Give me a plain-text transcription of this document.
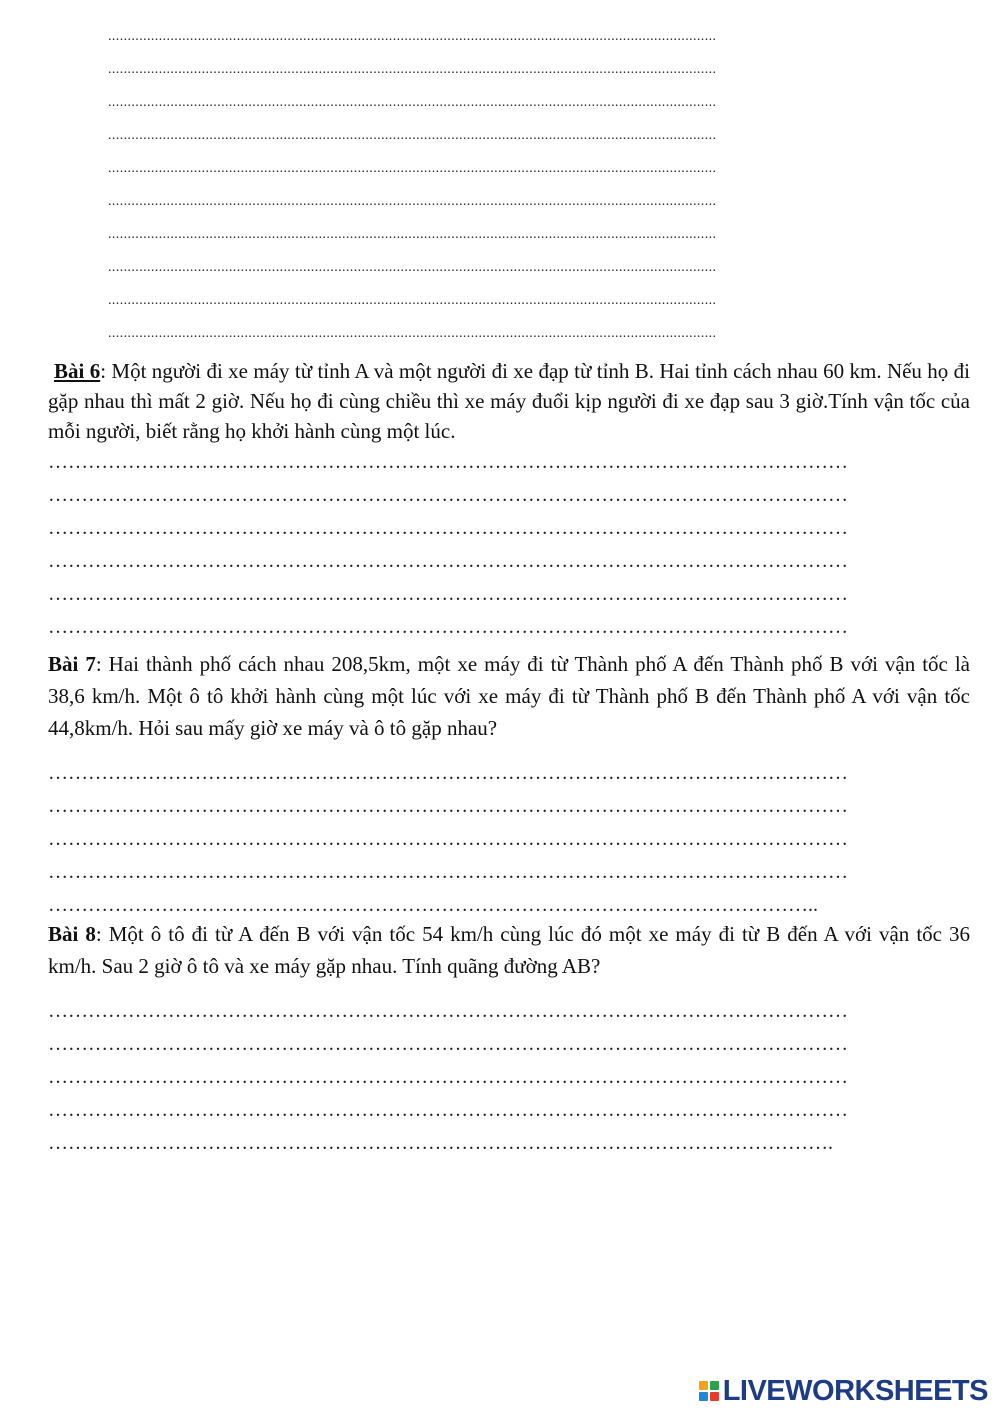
............................................................................................................................................................
............................................................................................................................................................
............................................................................................................................................................
............................................................................................................................................................
............................................................................................................................................................
............................................................................................................................................................
............................................................................................................................................................
............................................................................................................................................................
............................................................................................................................................................
............................................................................................................................................................
Bài 6: Một người đi xe máy từ tỉnh A và một người đi xe đạp từ tỉnh B. Hai tỉnh cách nhau 60 km. Nếu họ đi gặp nhau thì mất 2 giờ. Nếu họ đi cùng chiều thì xe máy đuổi kịp người đi xe đạp sau 3 giờ.Tính vận tốc của mỗi người, biết rằng họ khởi hành cùng một lúc.
…………………………………………………………………………………………………………
…………………………………………………………………………………………………………
…………………………………………………………………………………………………………
…………………………………………………………………………………………………………
…………………………………………………………………………………………………………
…………………………………………………………………………………………………………
Bài 7: Hai thành phố cách nhau 208,5km, một xe máy đi từ Thành phố A đến Thành phố B với vận tốc là 38,6 km/h. Một ô tô khởi hành cùng một lúc với xe máy đi từ Thành phố B đến Thành phố A với vận tốc 44,8km/h. Hỏi sau mấy giờ xe máy và ô tô gặp nhau?
…………………………………………………………………………………………………………
…………………………………………………………………………………………………………
…………………………………………………………………………………………………………
…………………………………………………………………………………………………………
……………………………………………………………………………………………………..
Bài 8: Một ô tô đi từ A đến B với vận tốc 54 km/h cùng lúc đó một xe máy đi từ B đến A với vận tốc 36 km/h. Sau 2 giờ ô tô và xe máy gặp nhau. Tính quãng đường AB?
…………………………………………………………………………………………………………
…………………………………………………………………………………………………………
…………………………………………………………………………………………………………
…………………………………………………………………………………………………………
……………………………………………………………………………………………………….
LIVEWORKSHEETS
